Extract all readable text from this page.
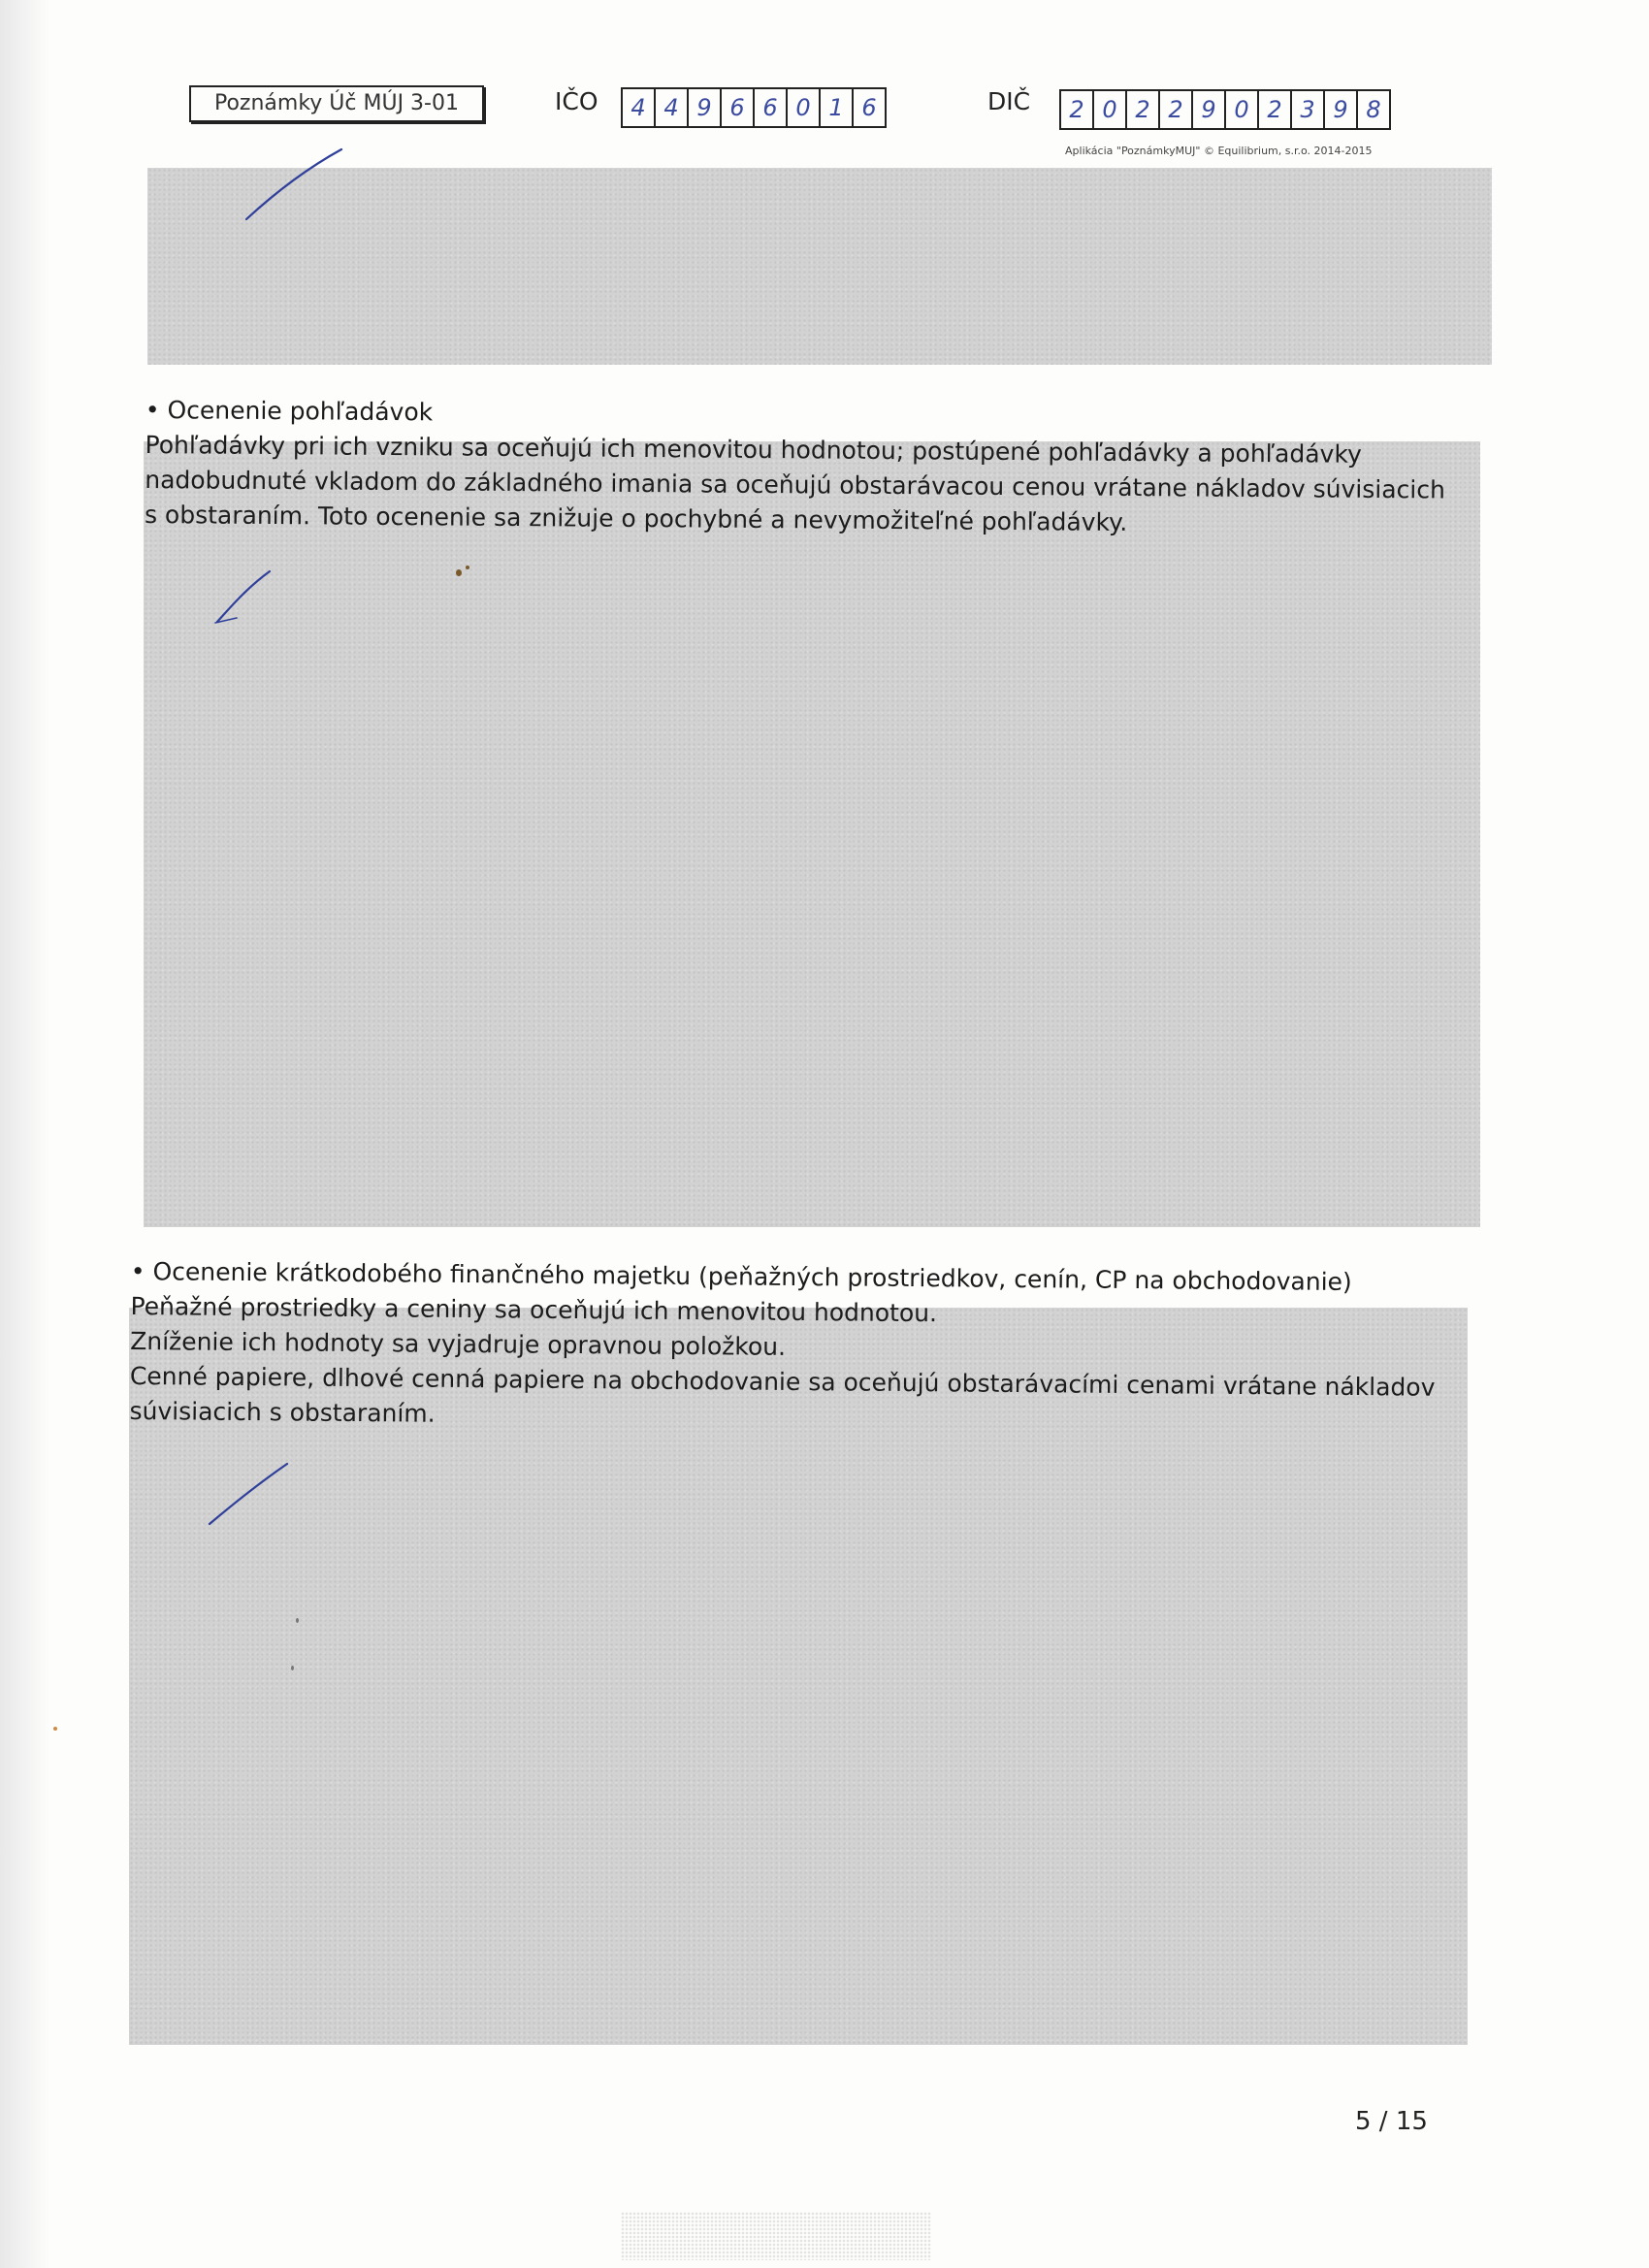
Poznámky Úč MÚJ 3-01	IČO	4 4 9 6 6 0 1 6	DIČ	2 0 2 2 9 0 2 3 9 8
Aplikácia "PoznámkyMUJ" © Equilibrium, s.r.o. 2014-2015
• Ocenenie pohľadávok
Pohľadávky pri ich vzniku sa oceňujú ich menovitou hodnotou; postúpené pohľadávky a pohľadávky
nadobudnuté vkladom do základného imania sa oceňujú obstarávacou cenou vrátane nákladov súvisiacich
s obstaraním. Toto ocenenie sa znižuje o pochybné a nevymožiteľné pohľadávky.
• Ocenenie krátkodobého finančného majetku (peňažných prostriedkov, cenín, CP na obchodovanie)
Peňažné prostriedky a ceniny sa oceňujú ich menovitou hodnotou.
Zníženie ich hodnoty sa vyjadruje opravnou položkou.
Cenné papiere, dlhové cenná papiere na obchodovanie sa oceňujú obstarávacími cenami vrátane nákladov
súvisiacich s obstaraním.
5 / 15
